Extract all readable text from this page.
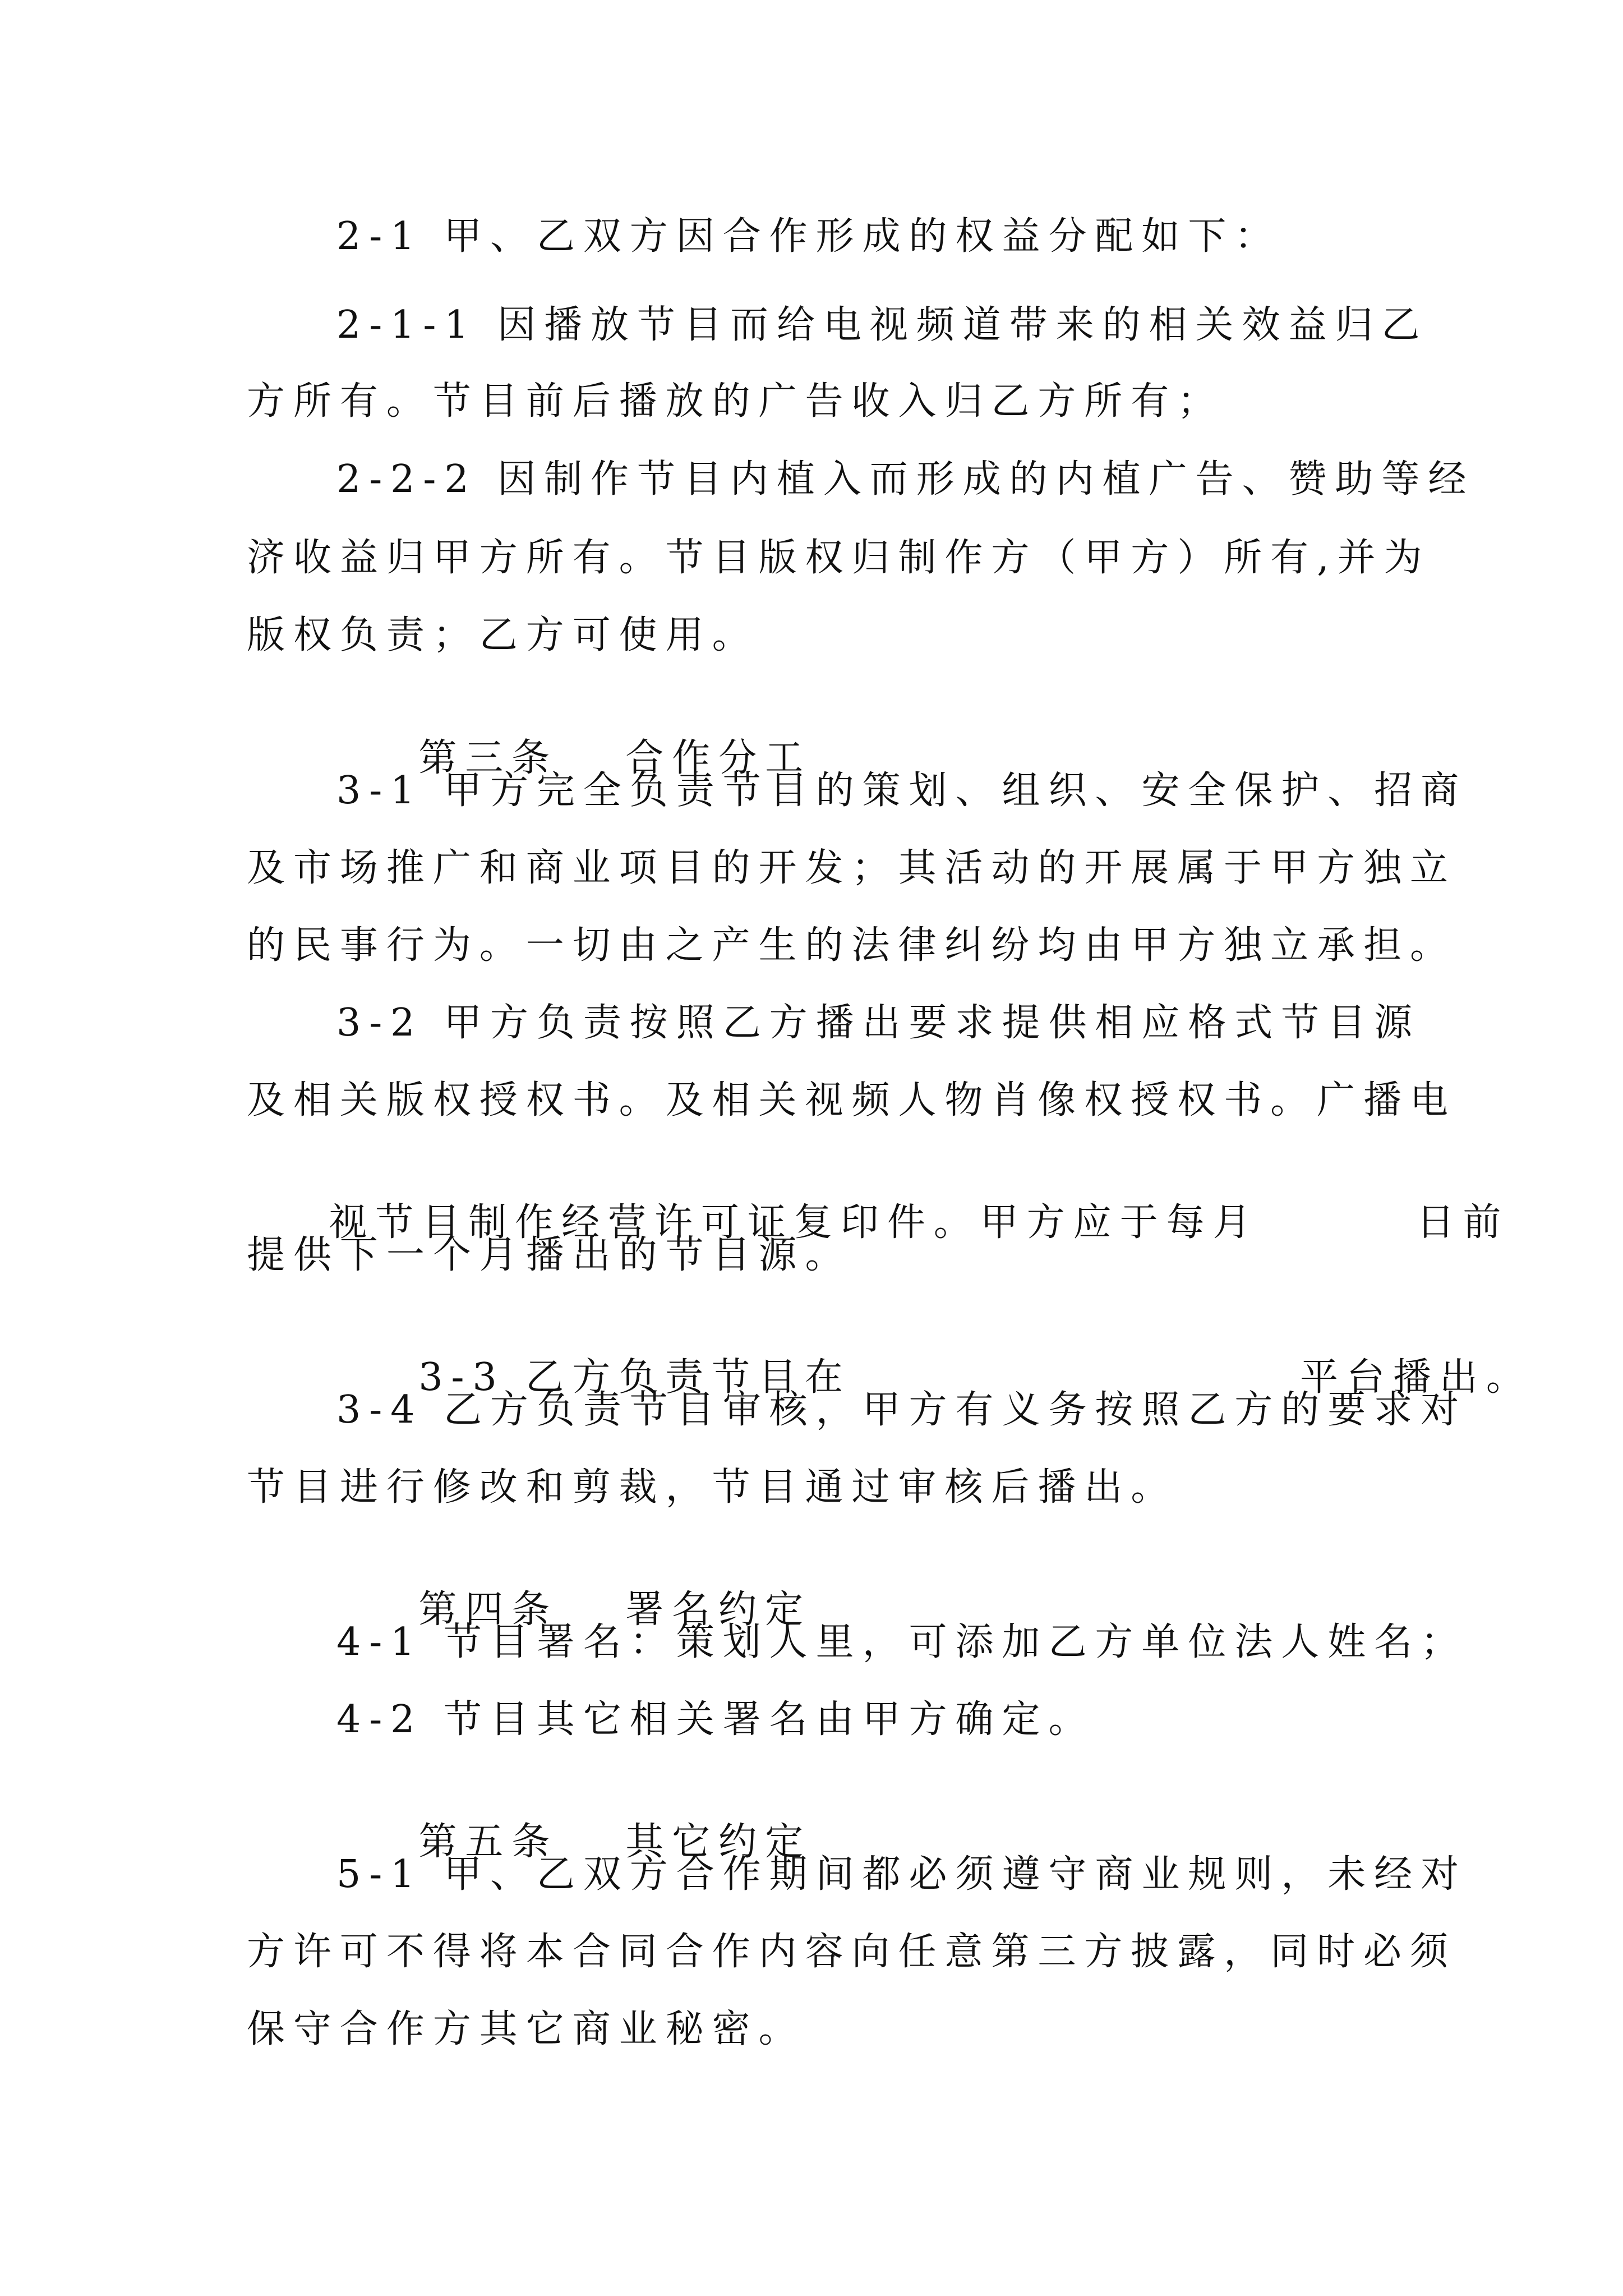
2-1 甲、乙双方因合作形成的权益分配如下：
2-1-1 因播放节目而给电视频道带来的相关效益归乙
方所有。节目前后播放的广告收入归乙方所有；
2-2-2 因制作节目内植入而形成的内植广告、赞助等经
济收益归甲方所有。节目版权归制作方（甲方）所有,并为
版权负责；乙方可使用。

第三条 合作分工

3-1 甲方完全负责节目的策划、组织、安全保护、招商
及市场推广和商业项目的开发；其活动的开展属于甲方独立
的民事行为。一切由之产生的法律纠纷均由甲方独立承担。
3-2 甲方负责按照乙方播出要求提供相应格式节目源
及相关版权授权书。及相关视频人物肖像权授权书。广播电

视节目制作经营许可证复印件。甲方应于每月	日前

提供下一个月播出的节目源。

3-3 乙方负责节目在	平台播出。

3-4 乙方负责节目审核，甲方有义务按照乙方的要求对
节目进行修改和剪裁，节目通过审核后播出。

第四条 署名约定

4-1 节目署名：策划人里，可添加乙方单位法人姓名；
4-2 节目其它相关署名由甲方确定。

第五条 其它约定

5-1 甲、乙双方合作期间都必须遵守商业规则，未经对
方许可不得将本合同合作内容向任意第三方披露，同时必须
保守合作方其它商业秘密。
